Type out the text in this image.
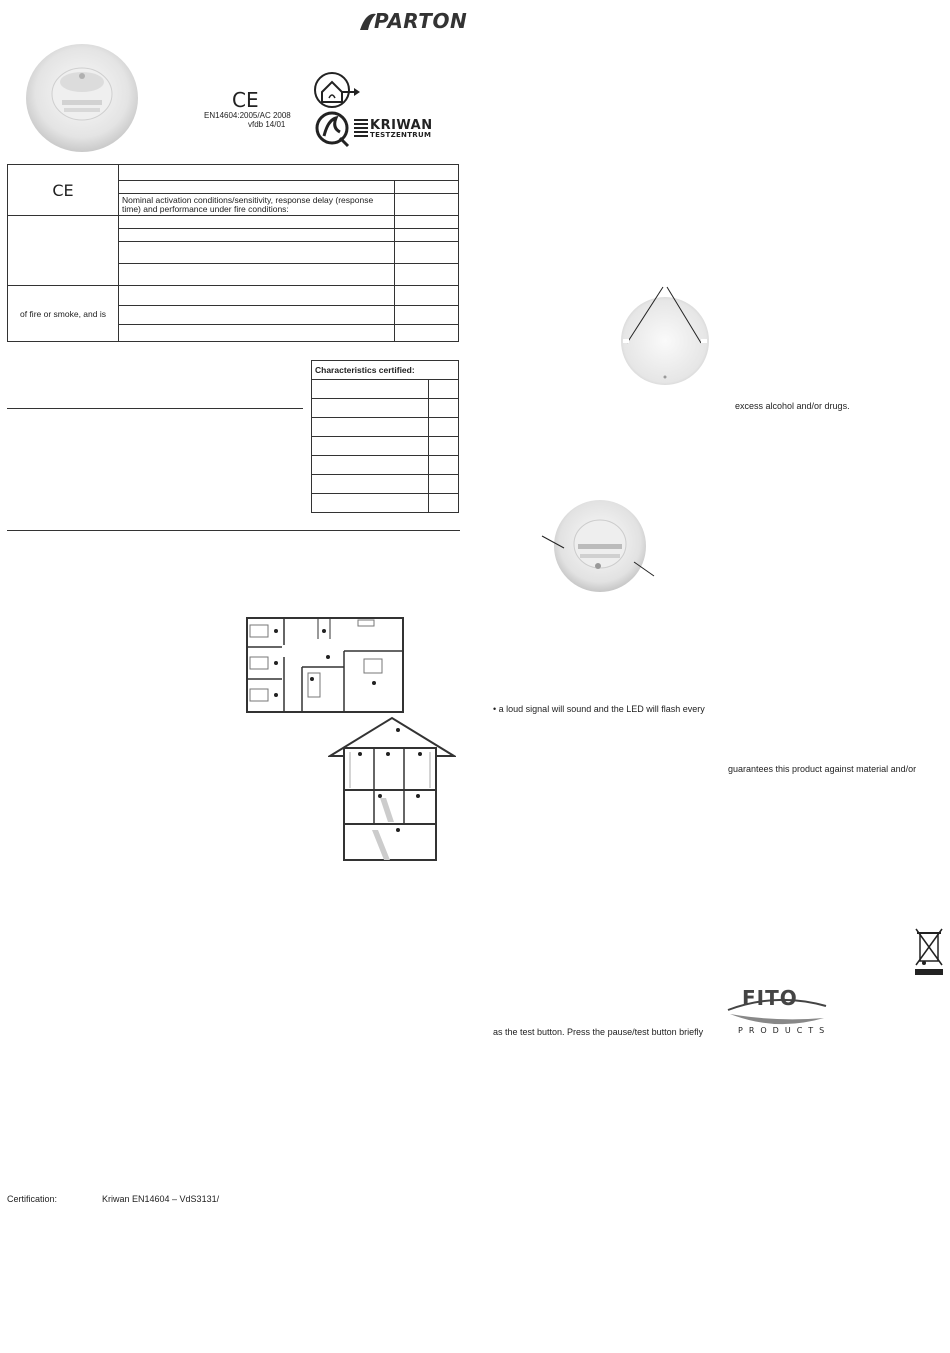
PARTON
CE
EN14604:2005/AC 2008
vfdb 14/01	KRIWAN
TESTZENTRUM
CE		

	Nominal activation conditions/sensitivity, response delay (response time) and performance under fire conditions:	

of fire or smoke, and is		

Characteristics certified:	

excess alcohol and/or drugs.
• a loud signal will sound and the LED will flash every
guarantees this product against material and/or
FITO
PRODUCTS
as the test button. Press the pause/test button briefly
Certification:	Kriwan EN14604 – VdS3131/
